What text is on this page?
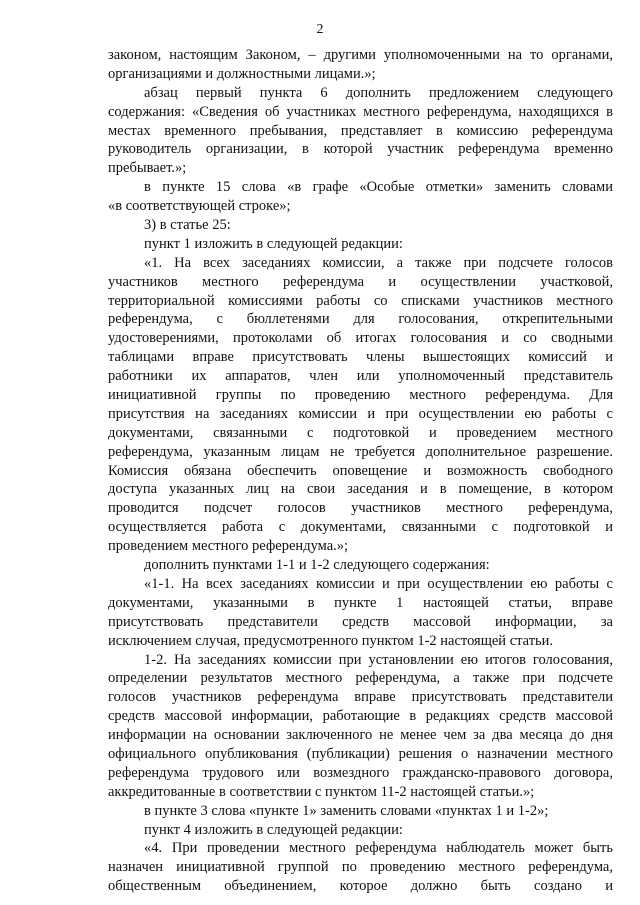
2
законом, настоящим Законом, – другими уполномоченными на то органами,
организациями и должностными лицами.»;
абзац первый пункта 6 дополнить предложением следующего
содержания: «Сведения об участниках местного референдума, находящихся в
местах временного пребывания, представляет в комиссию референдума
руководитель организации, в которой участник референдума временно
пребывает.»;
в пункте 15 слова «в графе «Особые отметки» заменить словами
«в соответствующей строке»;
3) в статье 25:
пункт 1 изложить в следующей редакции:
«1. На всех заседаниях комиссии, а также при подсчете голосов
участников местного референдума и осуществлении участковой,
территориальной комиссиями работы со списками участников местного
референдума, с бюллетенями для голосования, открепительными
удостоверениями, протоколами об итогах голосования и со сводными
таблицами вправе присутствовать члены вышестоящих комиссий и
работники их аппаратов, член или уполномоченный представитель
инициативной группы по проведению местного референдума. Для
присутствия на заседаниях комиссии и при осуществлении ею работы с
документами, связанными с подготовкой и проведением местного
референдума, указанным лицам не требуется дополнительное разрешение.
Комиссия обязана обеспечить оповещение и возможность свободного
доступа указанных лиц на свои заседания и в помещение, в котором
проводится подсчет голосов участников местного референдума,
осуществляется работа с документами, связанными с подготовкой и
проведением местного референдума.»;
дополнить пунктами 1-1 и 1-2 следующего содержания:
«1-1. На всех заседаниях комиссии и при осуществлении ею работы с
документами, указанными в пункте 1 настоящей статьи, вправе
присутствовать представители средств массовой информации, за
исключением случая, предусмотренного пунктом 1-2 настоящей статьи.
1-2. На заседаниях комиссии при установлении ею итогов голосования,
определении результатов местного референдума, а также при подсчете
голосов участников референдума вправе присутствовать представители
средств массовой информации, работающие в редакциях средств массовой
информации на основании заключенного не менее чем за два месяца до дня
официального опубликования (публикации) решения о назначении местного
референдума трудового или возмездного гражданско-правового договора,
аккредитованные в соответствии с пунктом 11-2 настоящей статьи.»;
в пункте 3 слова «пункте 1» заменить словами «пунктах 1 и 1-2»;
пункт 4 изложить в следующей редакции:
«4. При проведении местного референдума наблюдатель может быть
назначен инициативной группой по проведению местного референдума,
общественным объединением, которое должно быть создано и
